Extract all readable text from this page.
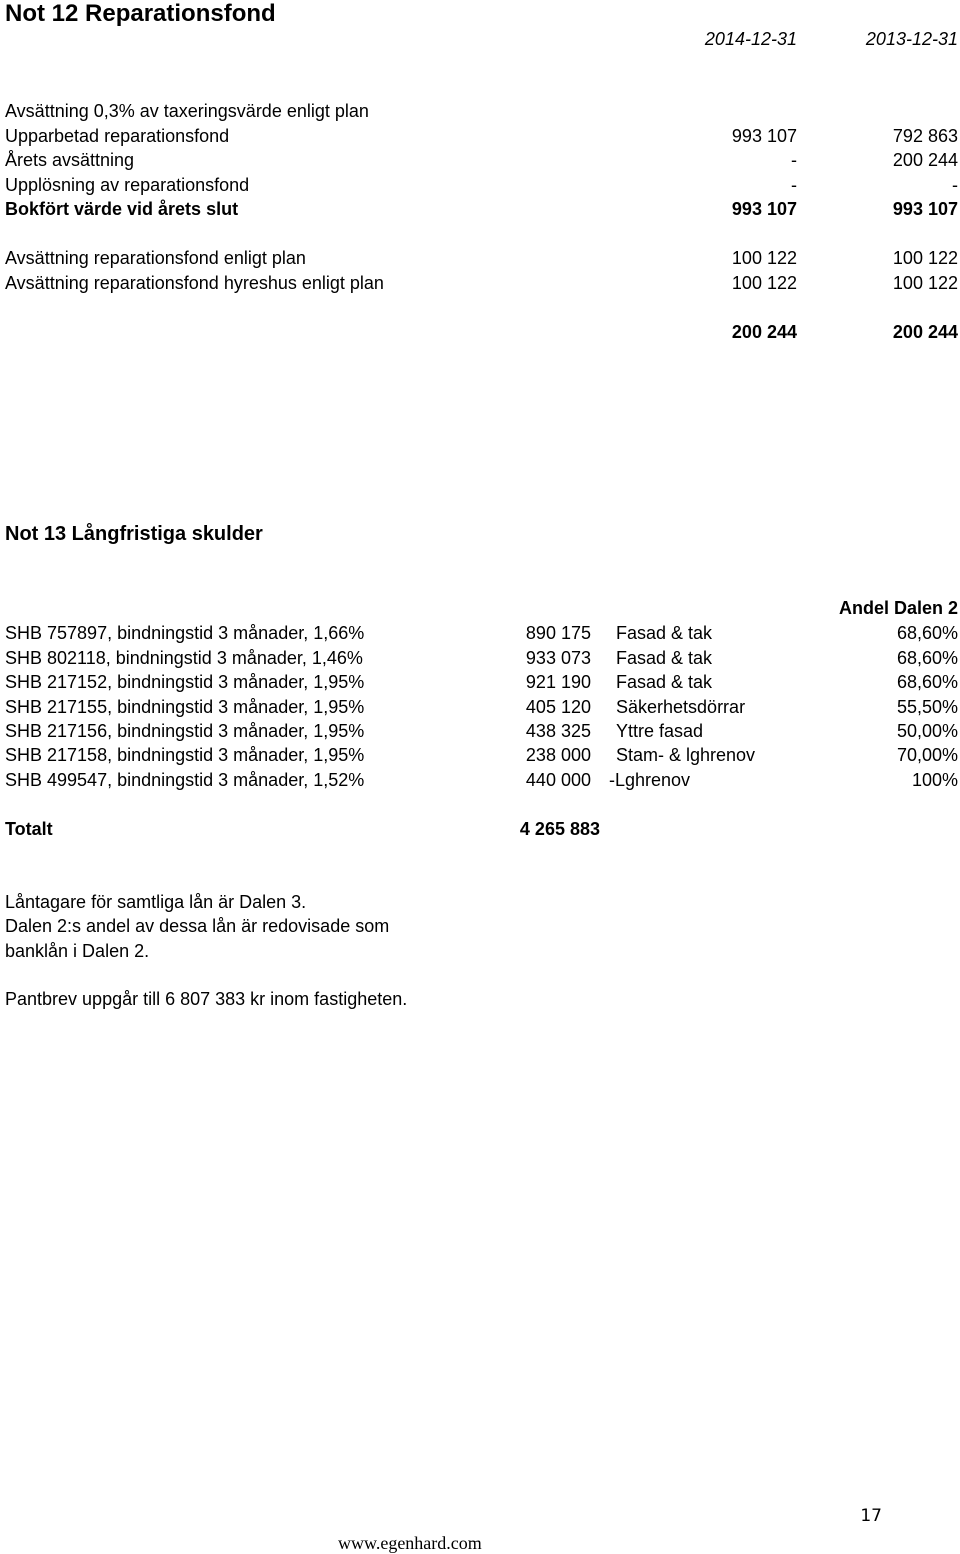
Not 12 Reparationsfond
2014-12-31	2013-12-31
Avsättning 0,3% av taxeringsvärde enligt plan
Upparbetad reparationsfond	993 107	792 863
Årets avsättning	-	200 244
Upplösning av reparationsfond	-	-
Bokfört värde vid årets slut	993 107	993 107
Avsättning reparationsfond enligt plan	100 122	100 122
Avsättning reparationsfond hyreshus enligt plan	100 122	100 122
200 244	200 244
Not 13 Långfristiga skulder
Andel Dalen 2
SHB 757897, bindningstid 3 månader, 1,66%	890 175 Fasad & tak	68,60%
SHB 802118, bindningstid 3 månader, 1,46%	933 073 Fasad & tak	68,60%
SHB 217152, bindningstid 3 månader, 1,95%	921 190 Fasad & tak	68,60%
SHB 217155, bindningstid 3 månader, 1,95%	405 120 Säkerhetsdörrar	55,50%
SHB 217156, bindningstid 3 månader, 1,95%	438 325 Yttre fasad	50,00%
SHB 217158, bindningstid 3 månader, 1,95%	238 000 Stam- & lghrenov	70,00%
SHB 499547, bindningstid 3 månader, 1,52%	440 000 -Lghrenov	100%
Totalt	4 265 883
Låntagare för samtliga lån är Dalen 3.
Dalen 2:s andel av dessa lån är redovisade som
banklån i Dalen 2.
Pantbrev uppgår till 6 807 383 kr inom fastigheten.
17
www.egenhard.com
